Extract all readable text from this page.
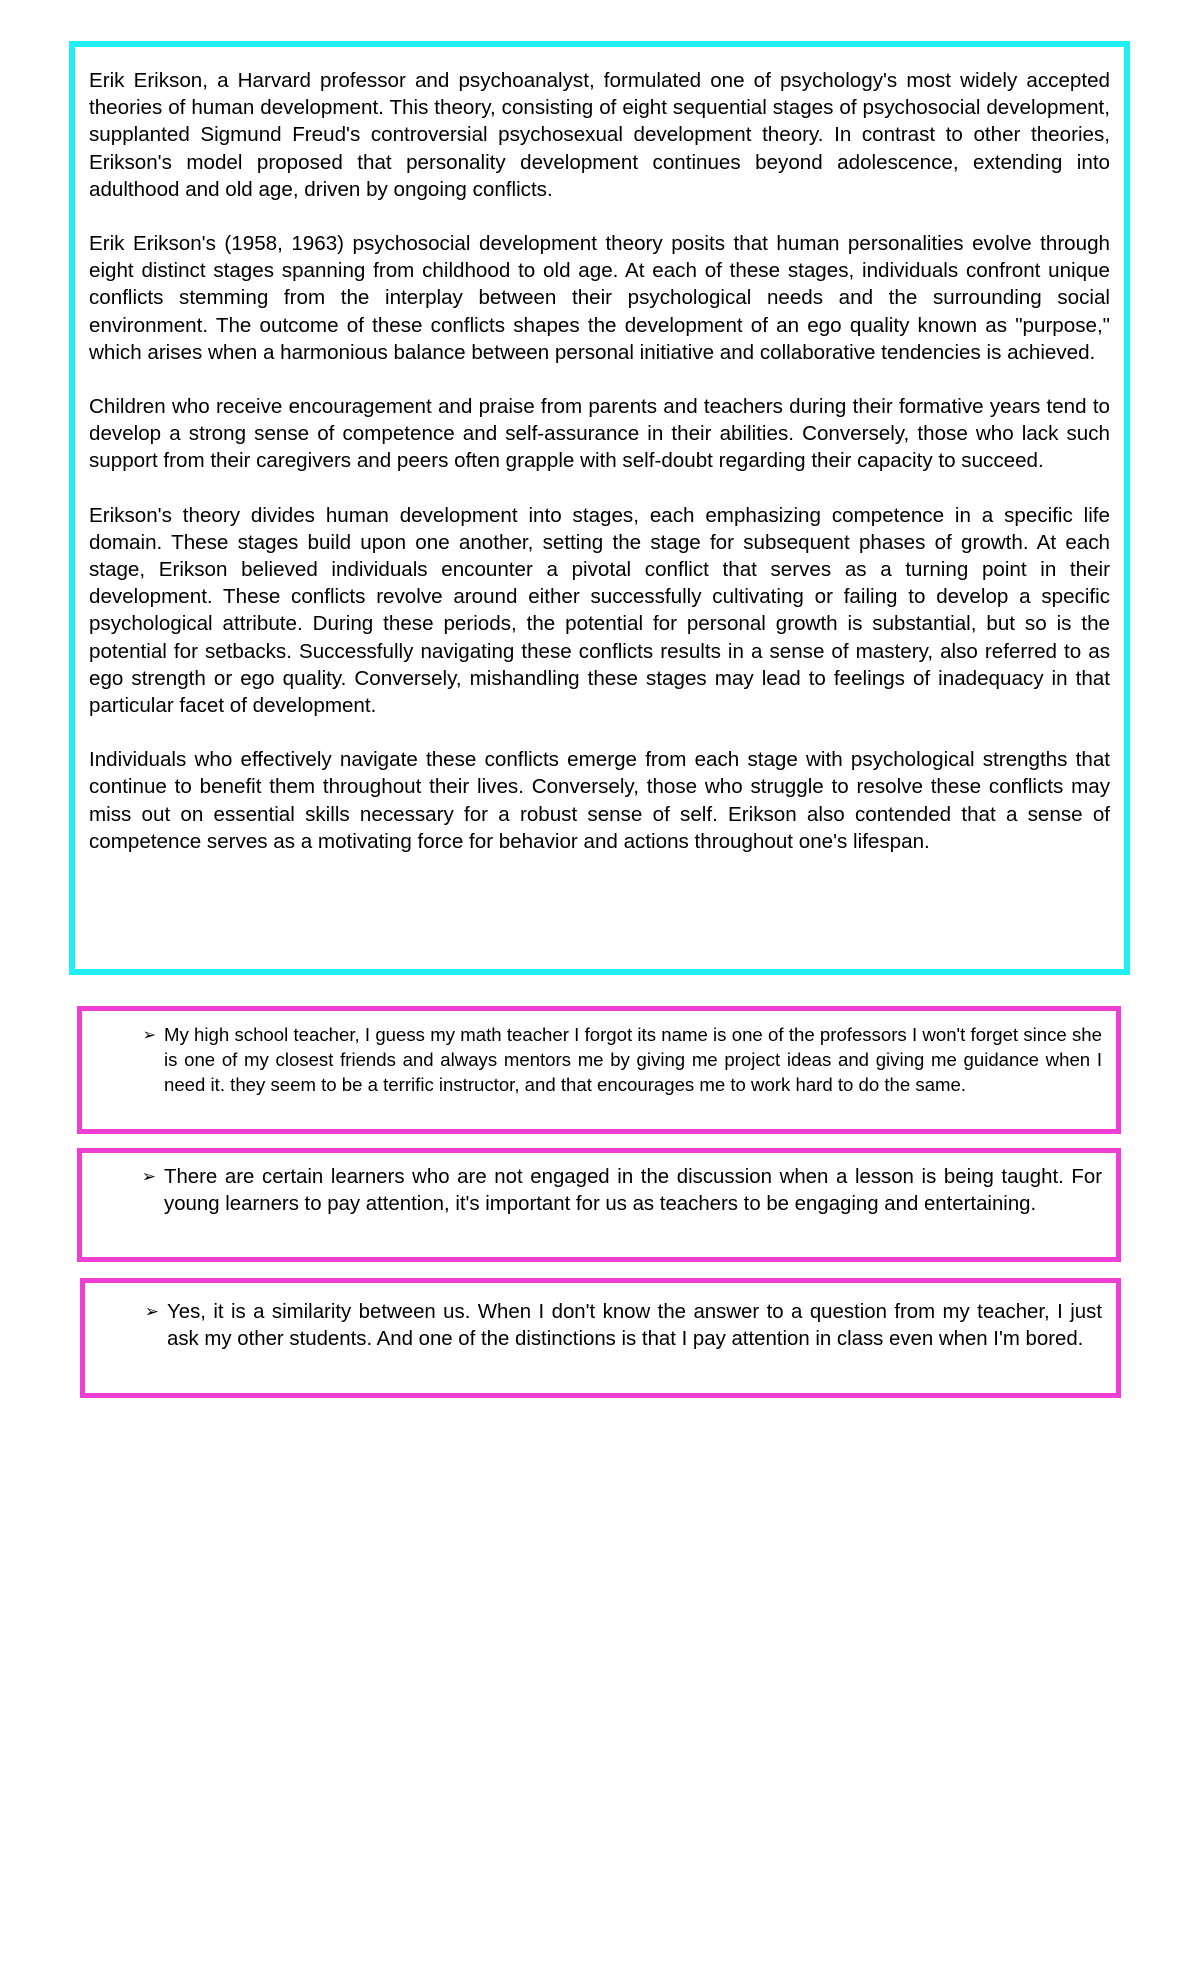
Erik Erikson, a Harvard professor and psychoanalyst, formulated one of psychology's most widely accepted theories of human development. This theory, consisting of eight sequential stages of psychosocial development, supplanted Sigmund Freud's controversial psychosexual development theory. In contrast to other theories, Erikson's model proposed that personality development continues beyond adolescence, extending into adulthood and old age, driven by ongoing conflicts.

Erik Erikson's (1958, 1963) psychosocial development theory posits that human personalities evolve through eight distinct stages spanning from childhood to old age. At each of these stages, individuals confront unique conflicts stemming from the interplay between their psychological needs and the surrounding social environment. The outcome of these conflicts shapes the development of an ego quality known as "purpose," which arises when a harmonious balance between personal initiative and collaborative tendencies is achieved.

Children who receive encouragement and praise from parents and teachers during their formative years tend to develop a strong sense of competence and self-assurance in their abilities. Conversely, those who lack such support from their caregivers and peers often grapple with self-doubt regarding their capacity to succeed.

Erikson's theory divides human development into stages, each emphasizing competence in a specific life domain. These stages build upon one another, setting the stage for subsequent phases of growth. At each stage, Erikson believed individuals encounter a pivotal conflict that serves as a turning point in their development. These conflicts revolve around either successfully cultivating or failing to develop a specific psychological attribute. During these periods, the potential for personal growth is substantial, but so is the potential for setbacks. Successfully navigating these conflicts results in a sense of mastery, also referred to as ego strength or ego quality. Conversely, mishandling these stages may lead to feelings of inadequacy in that particular facet of development.

Individuals who effectively navigate these conflicts emerge from each stage with psychological strengths that continue to benefit them throughout their lives. Conversely, those who struggle to resolve these conflicts may miss out on essential skills necessary for a robust sense of self. Erikson also contended that a sense of competence serves as a motivating force for behavior and actions throughout one's lifespan.

➢ My high school teacher, I guess my math teacher I forgot its name is one of the professors I won't forget since she is one of my closest friends and always mentors me by giving me project ideas and giving me guidance when I need it. they seem to be a terrific instructor, and that encourages me to work hard to do the same.

➢ There are certain learners who are not engaged in the discussion when a lesson is being taught. For young learners to pay attention, it's important for us as teachers to be engaging and entertaining.

➢ Yes, it is a similarity between us. When I don't know the answer to a question from my teacher, I just ask my other students. And one of the distinctions is that I pay attention in class even when I'm bored.
